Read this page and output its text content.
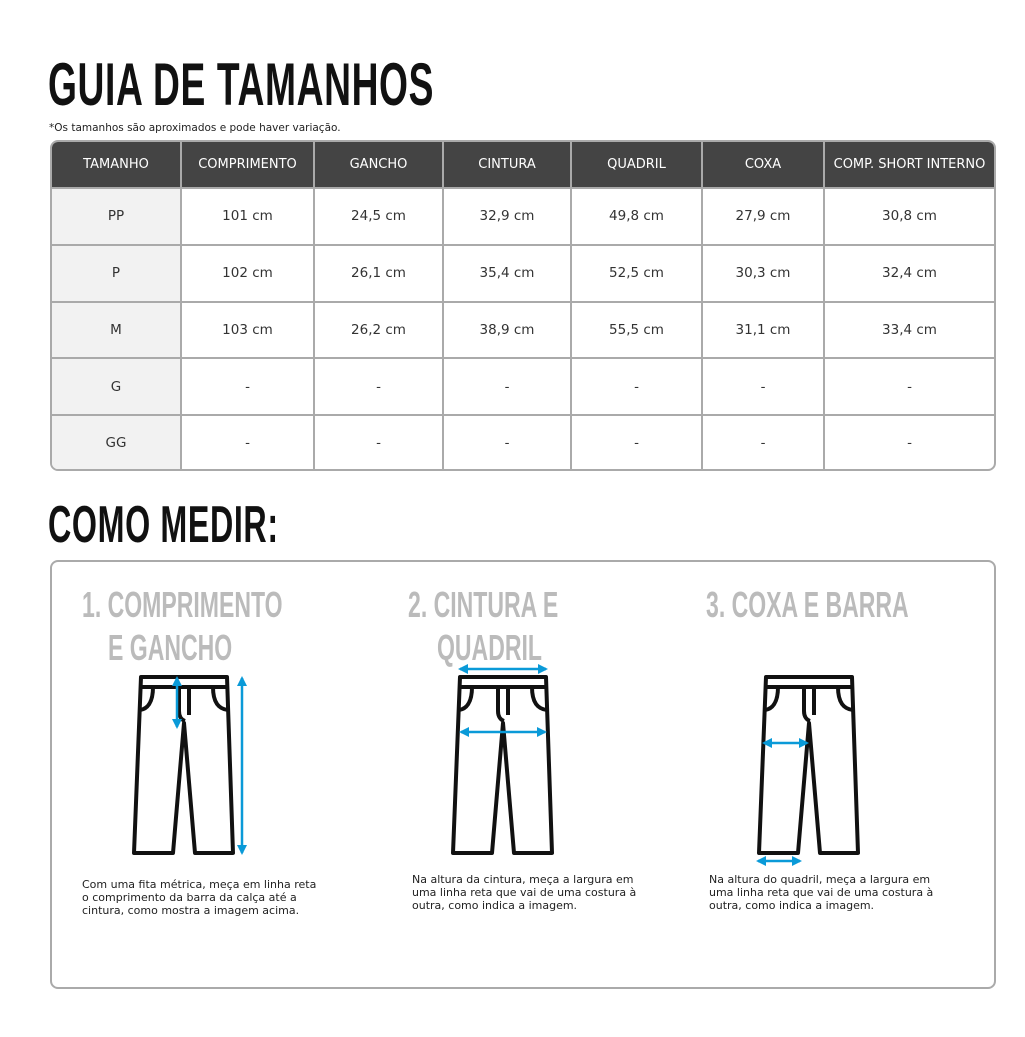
GUIA DE TAMANHOS
*Os tamanhos são aproximados e pode haver variação.
TAMANHO	COMPRIMENTO	GANCHO	CINTURA	QUADRIL	COXA	COMP. SHORT INTERNO
PP	101 cm	24,5 cm	32,9 cm	49,8 cm	27,9 cm	30,8 cm
P	102 cm	26,1 cm	35,4 cm	52,5 cm	30,3 cm	32,4 cm
M	103 cm	26,2 cm	38,9 cm	55,5 cm	31,1 cm	33,4 cm
G	-	-	-	-	-	-
GG	-	-	-	-	-	-
COMO MEDIR:
1. COMPRIMENTO
E GANCHO
2. CINTURA E
QUADRIL
3. COXA E BARRA
Com uma fita métrica, meça em linha reta o comprimento da barra da calça até a cintura, como mostra a imagem acima.
Na altura da cintura, meça a largura em uma linha reta que vai de uma costura à outra, como indica a imagem.
Na altura do quadril, meça a largura em uma linha reta que vai de uma costura à outra, como indica a imagem.
